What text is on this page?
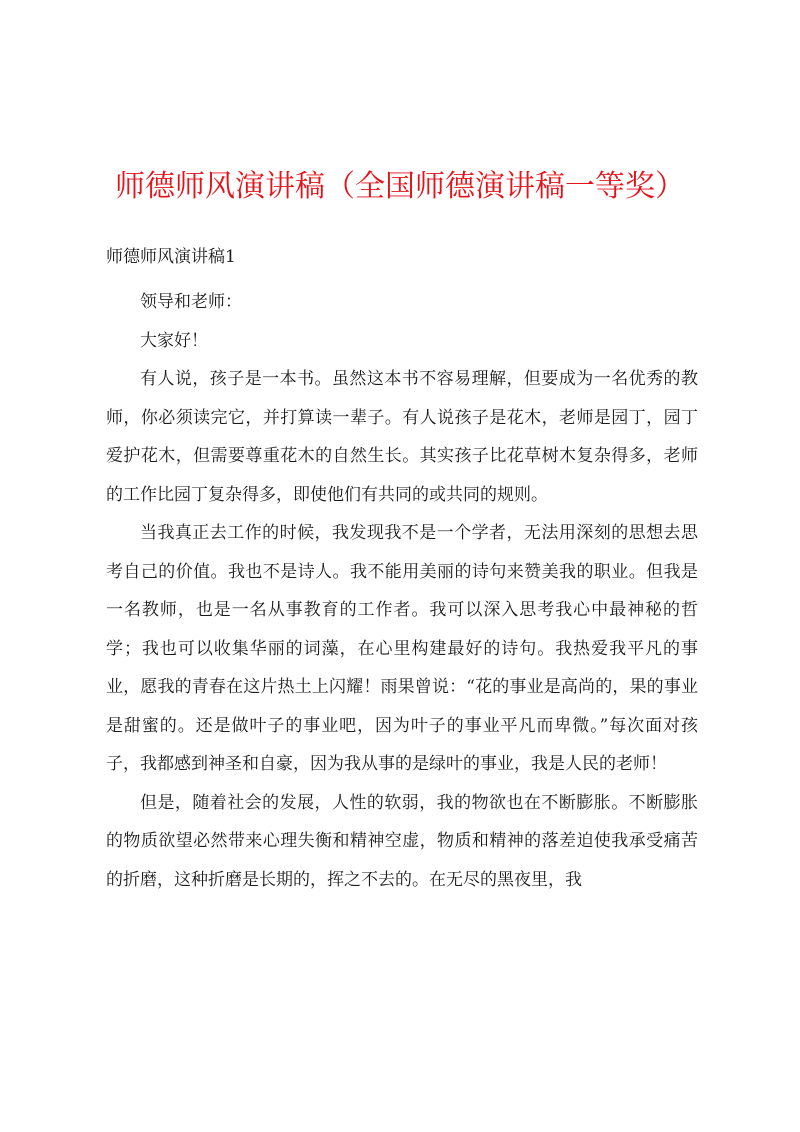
师德师风演讲稿（全国师德演讲稿一等奖）
师德师风演讲稿1

领导和老师：

大家好！

有人说，孩子是一本书。虽然这本书不容易理解，但要成为一名优秀的教师，你必须读完它，并打算读一辈子。有人说孩子是花木，老师是园丁，园丁爱护花木，但需要尊重花木的自然生长。其实孩子比花草树木复杂得多，老师的工作比园丁复杂得多，即使他们有共同的或共同的规则。

当我真正去工作的时候，我发现我不是一个学者，无法用深刻的思想去思考自己的价值。我也不是诗人。我不能用美丽的诗句来赞美我的职业。但我是一名教师，也是一名从事教育的工作者。我可以深入思考我心中最神秘的哲学；我也可以收集华丽的词藻，在心里构建最好的诗句。我热爱我平凡的事业，愿我的青春在这片热土上闪耀！雨果曾说：“花的事业是高尚的，果的事业是甜蜜的。还是做叶子的事业吧，因为叶子的事业平凡而卑微。”每次面对孩子，我都感到神圣和自豪，因为我从事的是绿叶的事业，我是人民的老师！

但是，随着社会的发展，人性的软弱，我的物欲也在不断膨胀。不断膨胀的物质欲望必然带来心理失衡和精神空虚，物质和精神的落差迫使我承受痛苦的折磨，这种折磨是长期的，挥之不去的。在无尽的黑夜里，我
